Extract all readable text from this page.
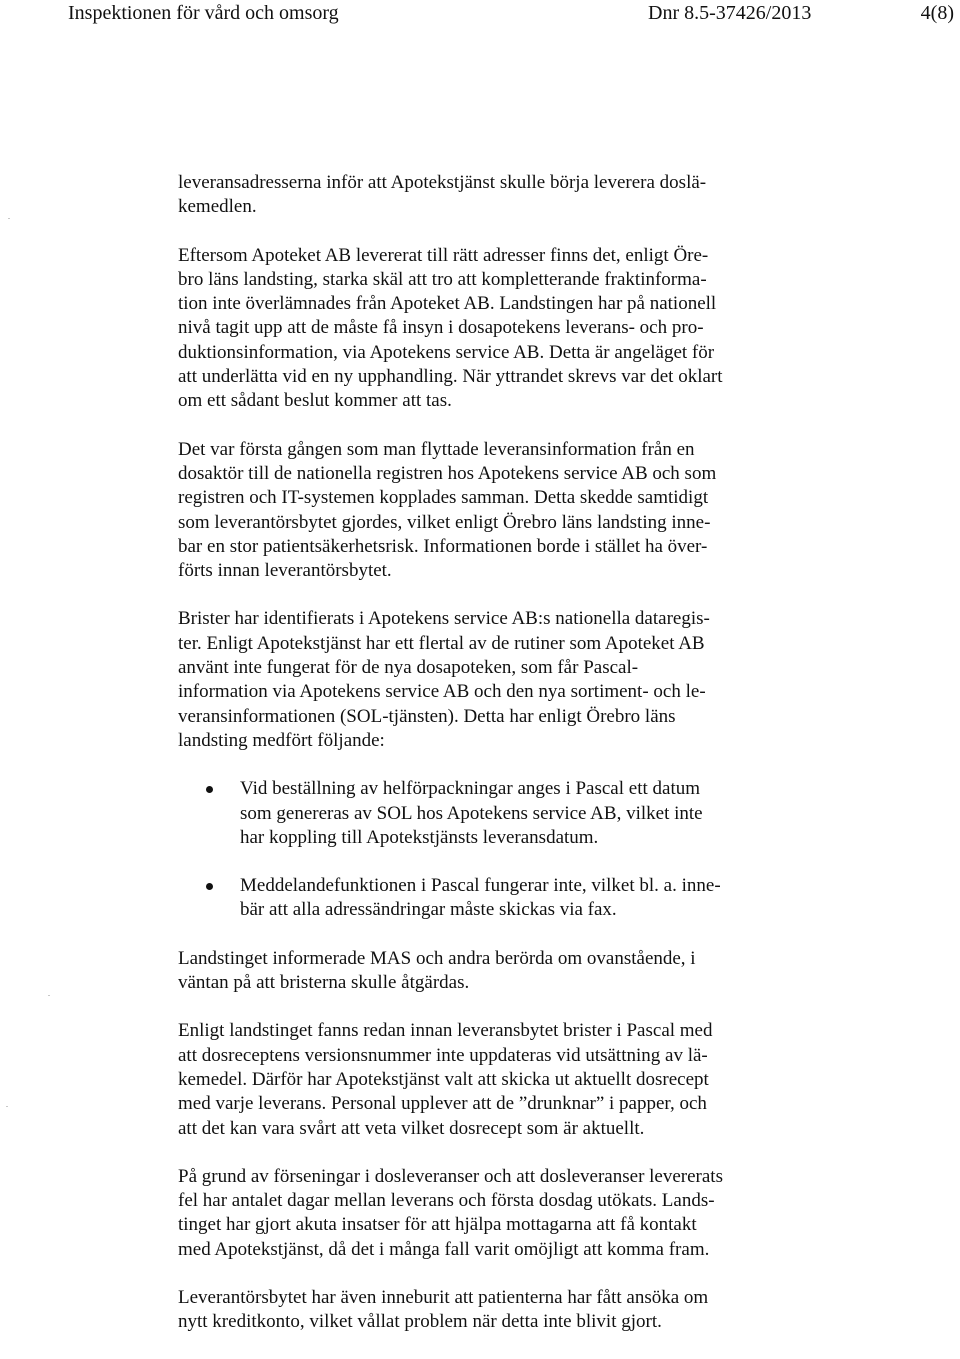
Inspektionen för vård och omsorg	Dnr 8.5-37426/2013	4(8)

leveransadresserna inför att Apotekstjänst skulle börja leverera doslä-
kemedlen.

Eftersom Apoteket AB levererat till rätt adresser finns det, enligt Öre-
bro läns landsting, starka skäl att tro att kompletterande fraktinforma-
tion inte överlämnades från Apoteket AB. Landstingen har på nationell
nivå tagit upp att de måste få insyn i dosapotekens leverans- och pro-
duktionsinformation, via Apotekens service AB. Detta är angeläget för
att underlätta vid en ny upphandling. När yttrandet skrevs var det oklart
om ett sådant beslut kommer att tas.

Det var första gången som man flyttade leveransinformation från en
dosaktör till de nationella registren hos Apotekens service AB och som
registren och IT-systemen kopplades samman. Detta skedde samtidigt
som leverantörsbytet gjordes, vilket enligt Örebro läns landsting inne-
bar en stor patientsäkerhetsrisk. Informationen borde i stället ha över-
förts innan leverantörsbytet.

Brister har identifierats i Apotekens service AB:s nationella dataregis-
ter. Enligt Apotekstjänst har ett flertal av de rutiner som Apoteket AB
använt inte fungerat för de nya dosapoteken, som får Pascal-
information via Apotekens service AB och den nya sortiment- och le-
veransinformationen (SOL-tjänsten). Detta har enligt Örebro läns
landsting medfört följande:

Vid beställning av helförpackningar anges i Pascal ett datum
som genereras av SOL hos Apotekens service AB, vilket inte
har koppling till Apotekstjänsts leveransdatum.
Meddelandefunktionen i Pascal fungerar inte, vilket bl. a. inne-
bär att alla adressändringar måste skickas via fax.

Landstinget informerade MAS och andra berörda om ovanstående, i
väntan på att bristerna skulle åtgärdas.

Enligt landstinget fanns redan innan leveransbytet brister i Pascal med
att dosreceptens versionsnummer inte uppdateras vid utsättning av lä-
kemedel. Därför har Apotekstjänst valt att skicka ut aktuellt dosrecept
med varje leverans. Personal upplever att de ”drunknar” i papper, och
att det kan vara svårt att veta vilket dosrecept som är aktuellt.

På grund av förseningar i dosleveranser och att dosleveranser levererats
fel har antalet dagar mellan leverans och första dosdag utökats. Lands-
tinget har gjort akuta insatser för att hjälpa mottagarna att få kontakt
med Apotekstjänst, då det i många fall varit omöjligt att komma fram.

Leverantörsbytet har även inneburit att patienterna har fått ansöka om
nytt kreditkonto, vilket vållat problem när detta inte blivit gjort.
